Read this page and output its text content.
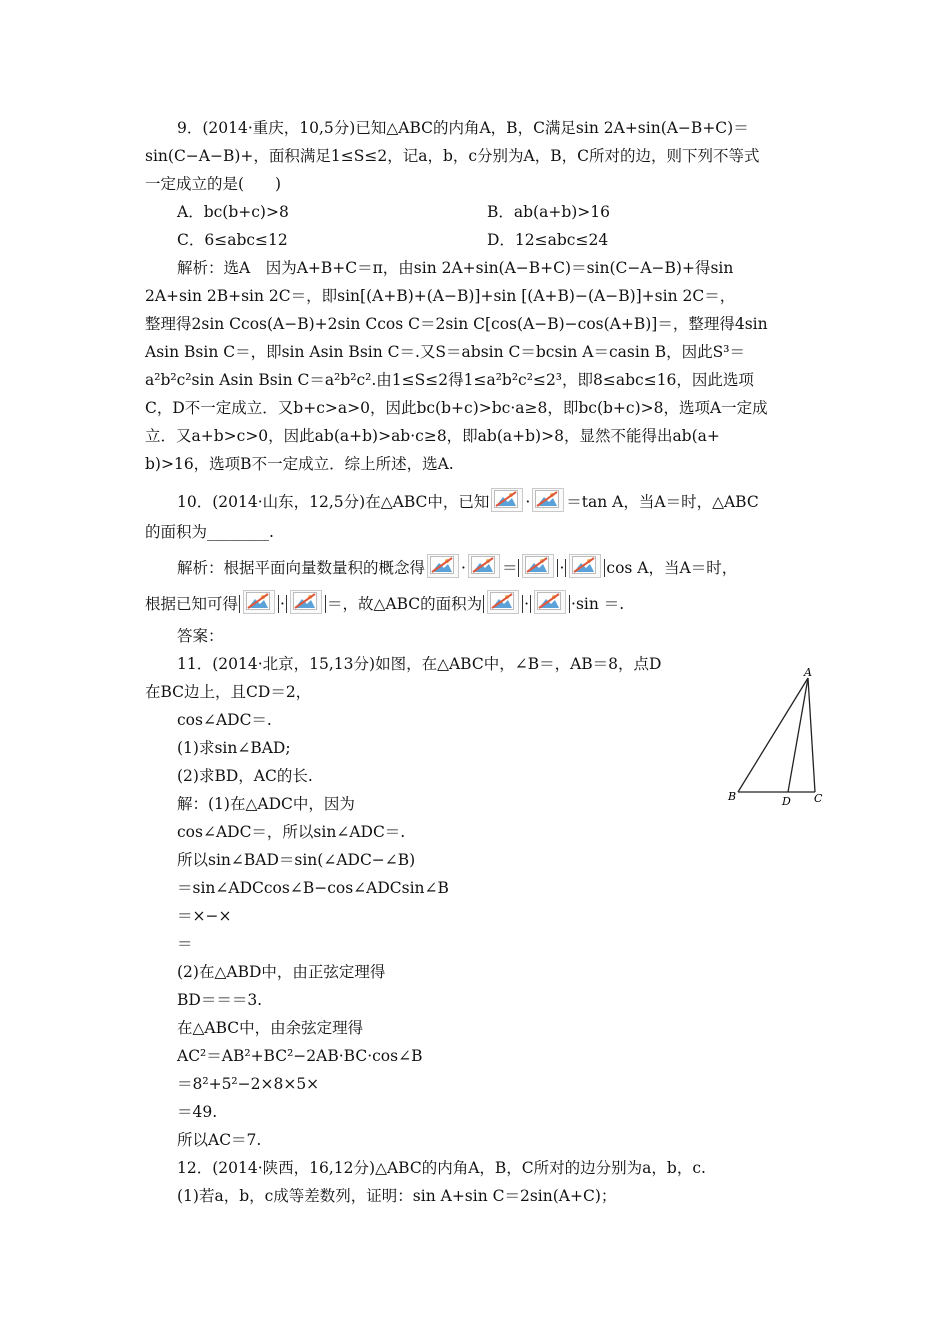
9．(2014·重庆，10,5分)已知△ABC的内角A，B，C满足sin 2A+sin(A−B+C)＝
sin(C−A−B)+，面积满足1≤S≤2，记a，b，c分别为A，B，C所对的边，则下列不等式
一定成立的是(　　)
A．bc(b+c)>8	B．ab(a+b)>16
C．6≤abc≤12	D．12≤abc≤24
解析：选A　因为A+B+C＝π，由sin 2A+sin(A−B+C)＝sin(C−A−B)+得sin
2A+sin 2B+sin 2C＝，即sin[(A+B)+(A−B)]+sin [(A+B)−(A−B)]+sin 2C＝，
整理得2sin Ccos(A−B)+2sin Ccos C＝2sin C[cos(A−B)−cos(A+B)]＝，整理得4sin
Asin Bsin C＝，即sin Asin Bsin C＝.又S＝absin C＝bcsin A＝casin B，因此S³＝
a²b²c²sin Asin Bsin C＝a²b²c².由1≤S≤2得1≤a²b²c²≤2³，即8≤abc≤16，因此选项
C，D不一定成立．又b+c>a>0，因此bc(b+c)>bc·a≥8，即bc(b+c)>8，选项A一定成
立．又a+b>c>0，因此ab(a+b)>ab·c≥8，即ab(a+b)>8，显然不能得出ab(a+
b)>16，选项B不一定成立．综上所述，选A.
10．(2014·山东，12,5分)在△ABC中，已知 · ＝tan A，当A＝时，△ABC
的面积为________.
解析：根据平面向量数量积的概念得 · ＝	·	cos A，当A＝时，
根据已知可得	·	＝，故△ABC的面积为	·	·sin ＝.
答案：
11．(2014·北京，15,13分)如图，在△ABC中，∠B＝，AB＝8，点D
在BC边上，且CD＝2，
cos∠ADC＝.
(1)求sin∠BAD;
(2)求BD，AC的长.
解：(1)在△ADC中，因为
cos∠ADC＝，所以sin∠ADC＝.
所以sin∠BAD＝sin(∠ADC−∠B)
＝sin∠ADCcos∠B−cos∠ADCsin∠B
＝×−×
＝
(2)在△ABD中，由正弦定理得
BD＝＝＝3.
在△ABC中，由余弦定理得
AC²＝AB²+BC²−2AB·BC·cos∠B
＝8²+5²−2×8×5×
＝49.
所以AC＝7.
12．(2014·陕西，16,12分)△ABC的内角A，B，C所对的边分别为a，b，c.
(1)若a，b，c成等差数列，证明：sin A+sin C＝2sin(A+C)；
A
B	D C
